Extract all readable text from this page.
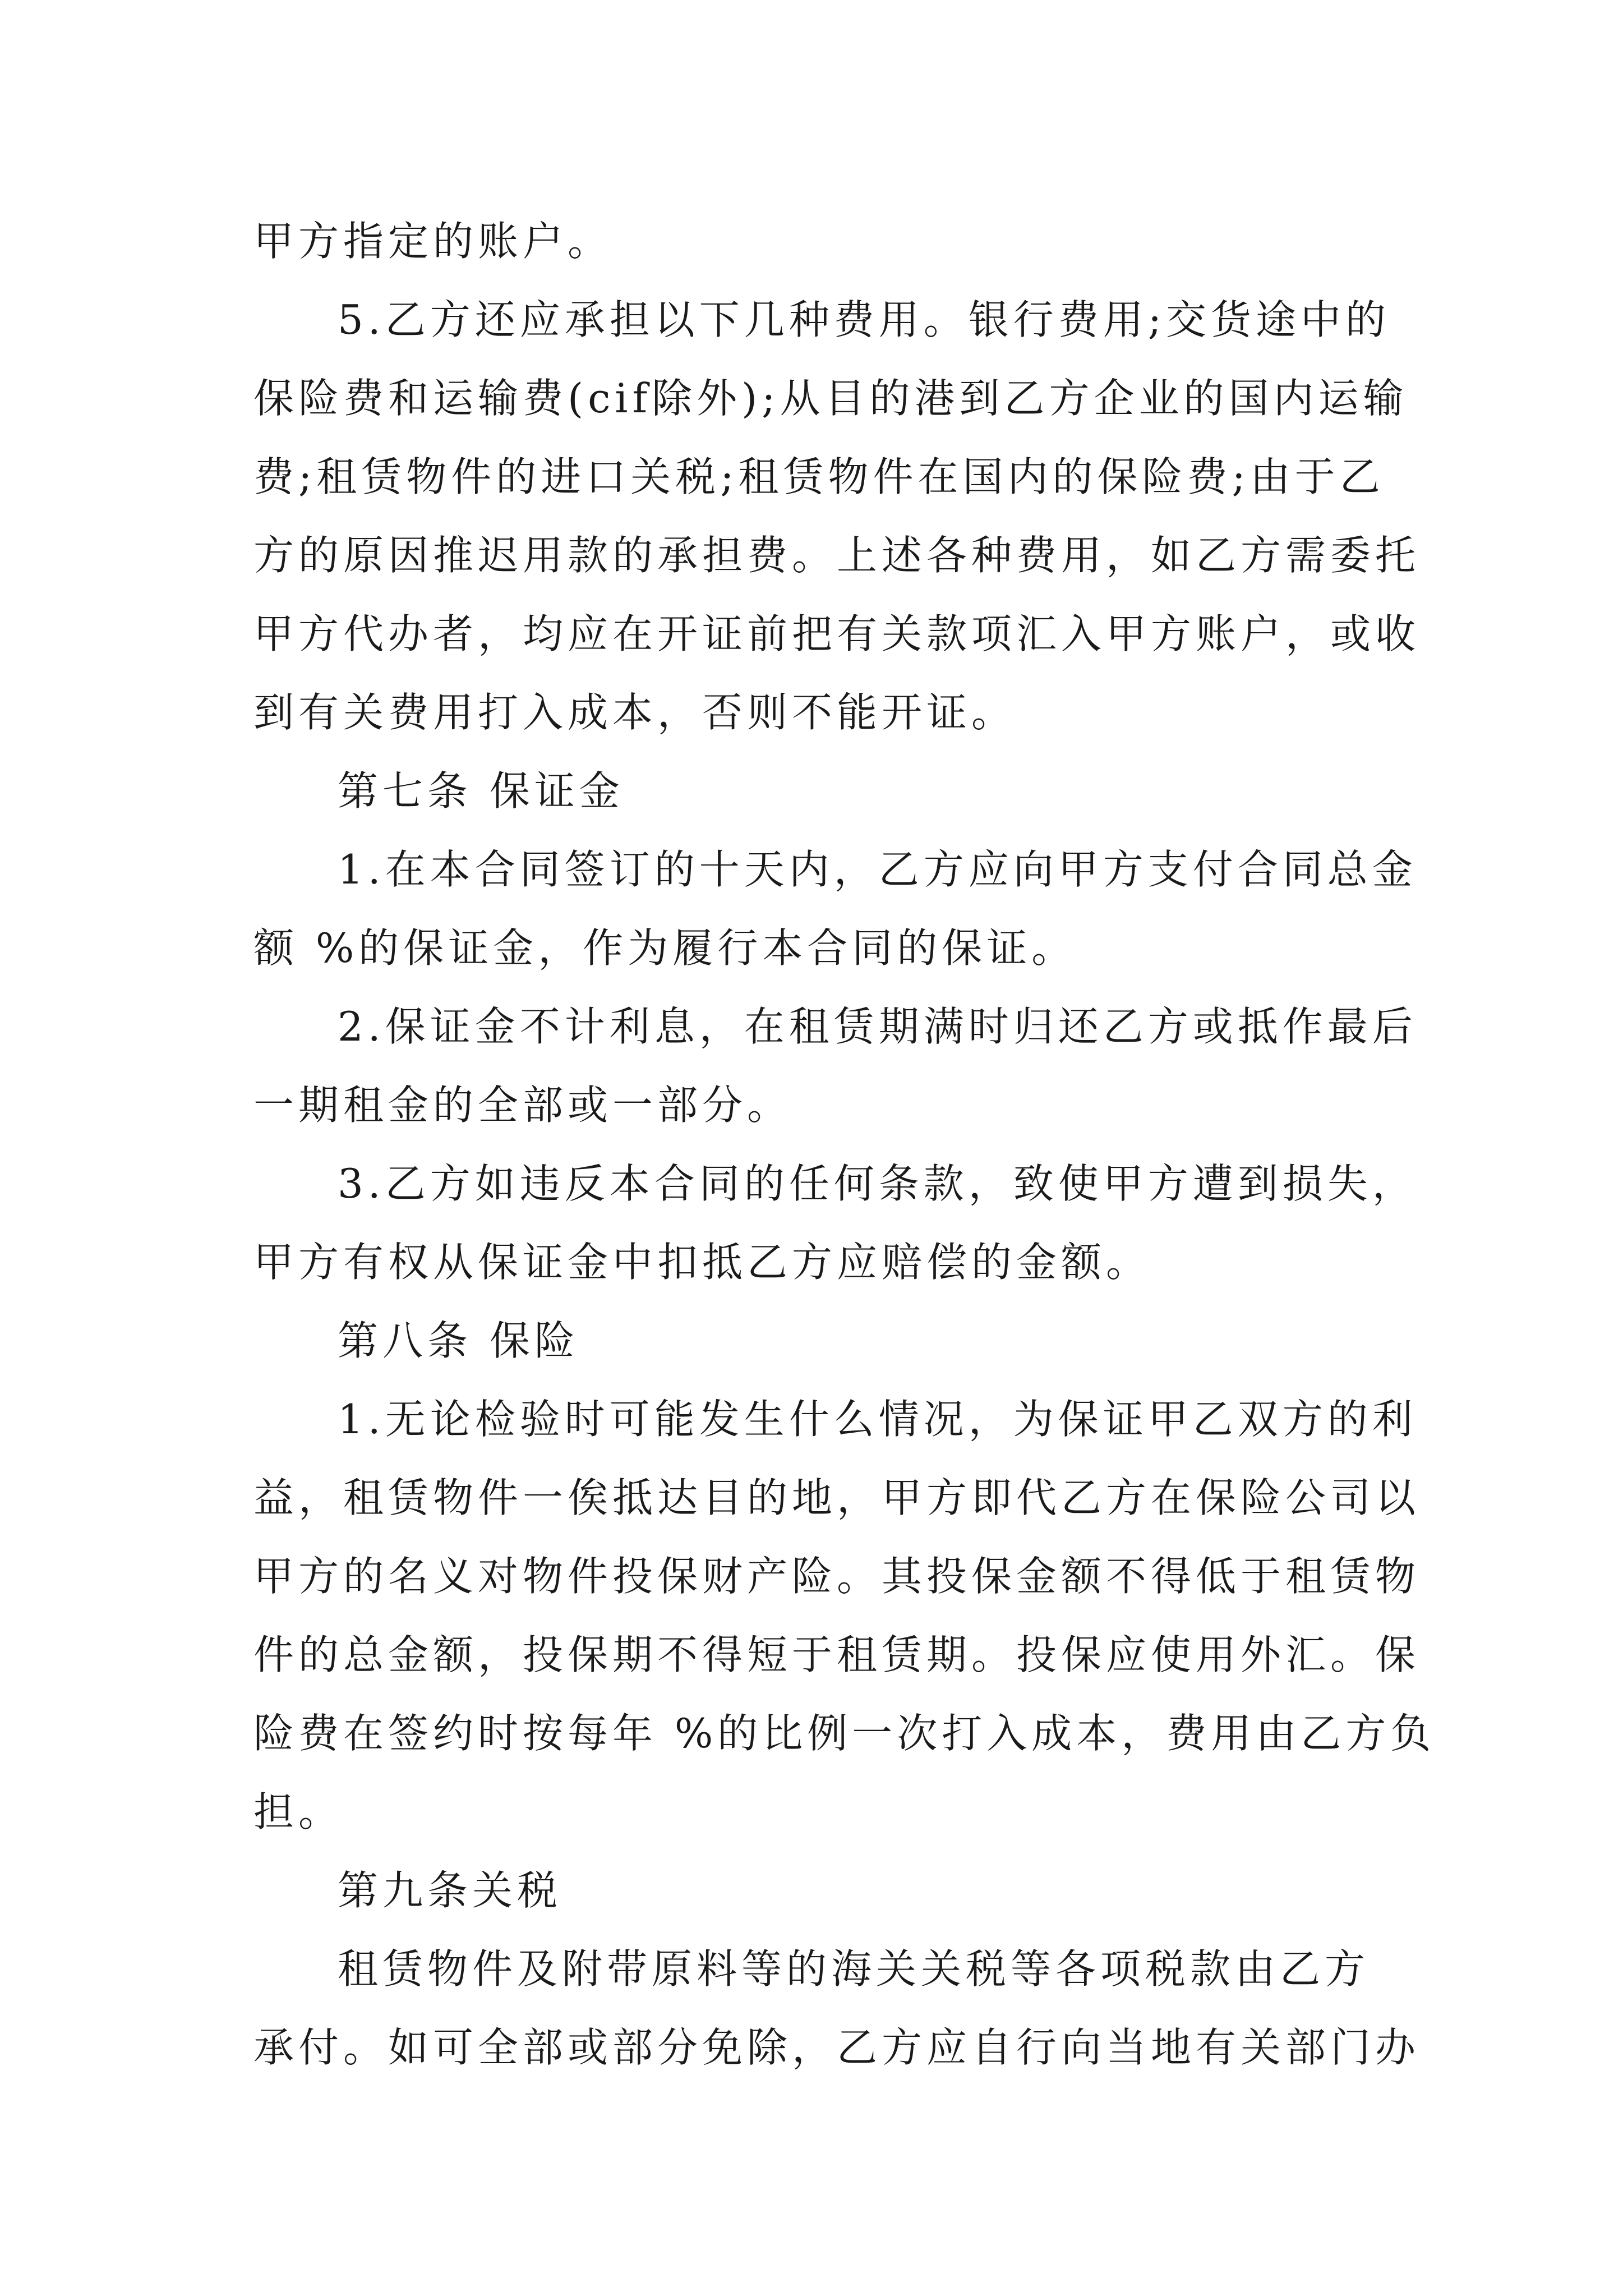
甲方指定的账户。
5.乙方还应承担以下几种费用。银行费用;交货途中的
保险费和运输费(cif除外);从目的港到乙方企业的国内运输
费;租赁物件的进口关税;租赁物件在国内的保险费;由于乙
方的原因推迟用款的承担费。上述各种费用，如乙方需委托
甲方代办者，均应在开证前把有关款项汇入甲方账户，或收
到有关费用打入成本，否则不能开证。
第七条 保证金
1.在本合同签订的十天内，乙方应向甲方支付合同总金
额 %的保证金，作为履行本合同的保证。
2.保证金不计利息，在租赁期满时归还乙方或抵作最后
一期租金的全部或一部分。
3.乙方如违反本合同的任何条款，致使甲方遭到损失，
甲方有权从保证金中扣抵乙方应赔偿的金额。
第八条 保险
1.无论检验时可能发生什么情况，为保证甲乙双方的利
益，租赁物件一俟抵达目的地，甲方即代乙方在保险公司以
甲方的名义对物件投保财产险。其投保金额不得低于租赁物
件的总金额，投保期不得短于租赁期。投保应使用外汇。保
险费在签约时按每年 %的比例一次打入成本，费用由乙方负
担。
第九条关税
租赁物件及附带原料等的海关关税等各项税款由乙方
承付。如可全部或部分免除，乙方应自行向当地有关部门办
